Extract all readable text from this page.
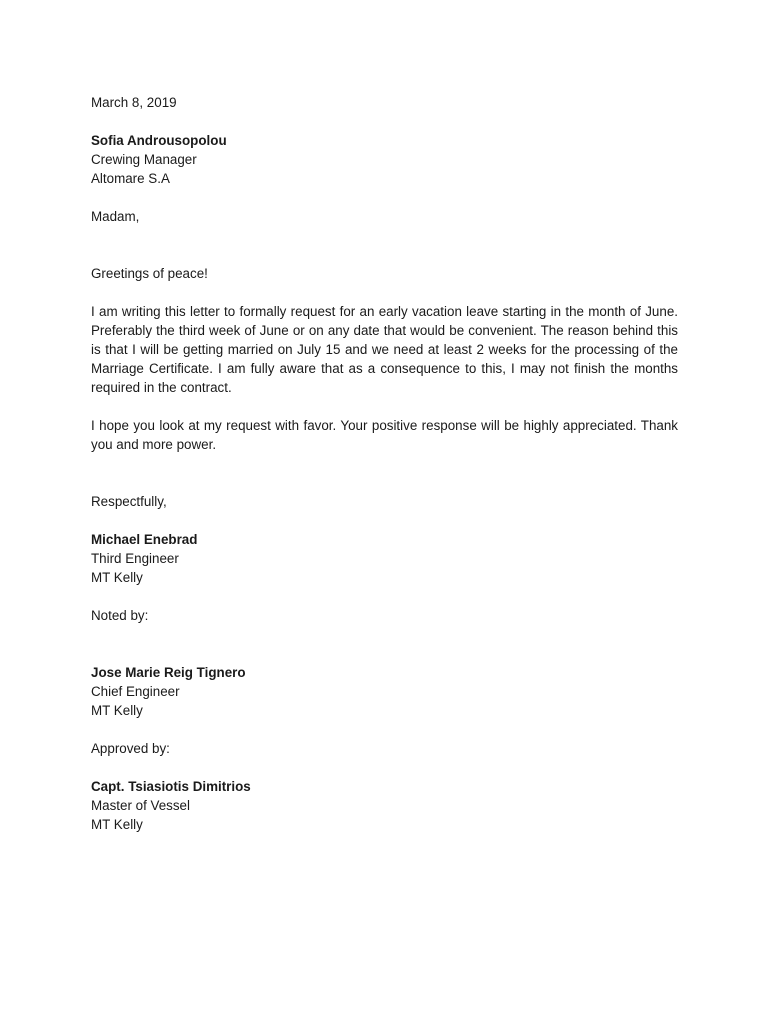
March 8, 2019
Sofia Androusopolou
Crewing Manager
Altomare S.A
Madam,
Greetings of peace!
I am writing this letter to formally request for an early vacation leave starting in the month of June. Preferably the third week of June or on any date that would be convenient. The reason behind this is that I will be getting married on July 15 and we need at least 2 weeks for the processing of the Marriage Certificate. I am fully aware that as a consequence to this, I may not finish the months required in the contract.
I hope you look at my request with favor. Your positive response will be highly appreciated. Thank you and more power.
Respectfully,
Michael Enebrad
Third Engineer
MT Kelly
Noted by:
Jose Marie Reig Tignero
Chief Engineer
MT Kelly
Approved by:
Capt. Tsiasiotis Dimitrios
Master of Vessel
MT Kelly
